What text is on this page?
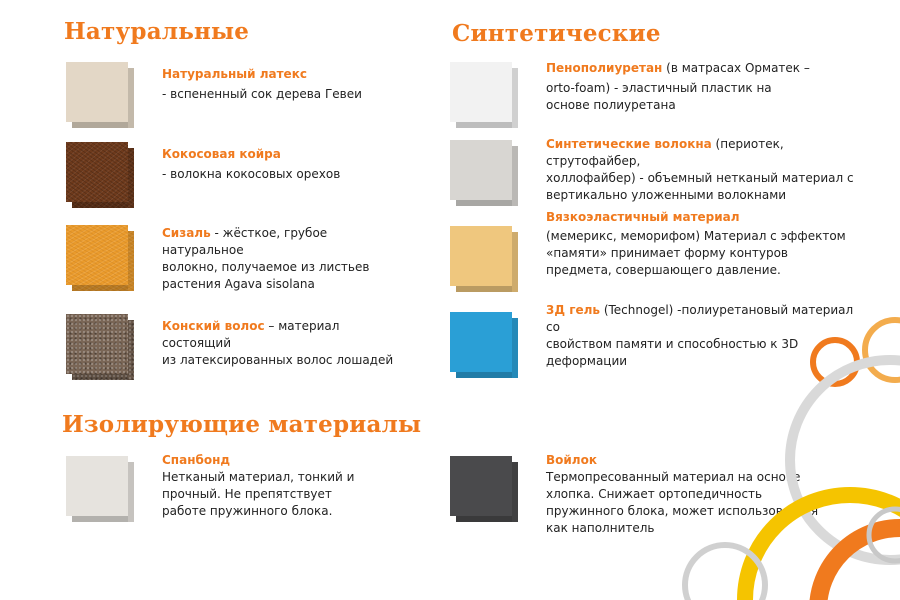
Натуральные	Синтетические
Изолирующие материалы
Натуральный латекс
- вспененный сок дерева Гевеи
Кокосовая койра
- волокна кокосовых орехов
Сизаль - жёсткое, грубое натуральное
волокно, получаемое из листьев растения Agava sisolana
Конский волос – материал состоящий
из латексированных волос лошадей
Пенополиуретан (в матрасах Орматек –
orto-foam) - эластичный пластик на основе полиуретана
Синтетические волокна (периотек, струтофайбер,
холлофайбер) - объемный нетканый материал с вертикально уложенными волокнами
Вязкоэластичный материал
(мемерикс, меморифом) Материал с эффектом «памяти» принимает форму контуров предмета, совершающего давление.
3Д гель (Technogel) -полиуретановый материал со
свойством памяти и способностью к 3D деформации
Спанбонд
Нетканый материал, тонкий и прочный. Не препятствует работе пружинного блока.
Войлок
Термопресованный материал на основе хлопка. Снижает ортопедичность пружинного блока, может использоваться как наполнитель
